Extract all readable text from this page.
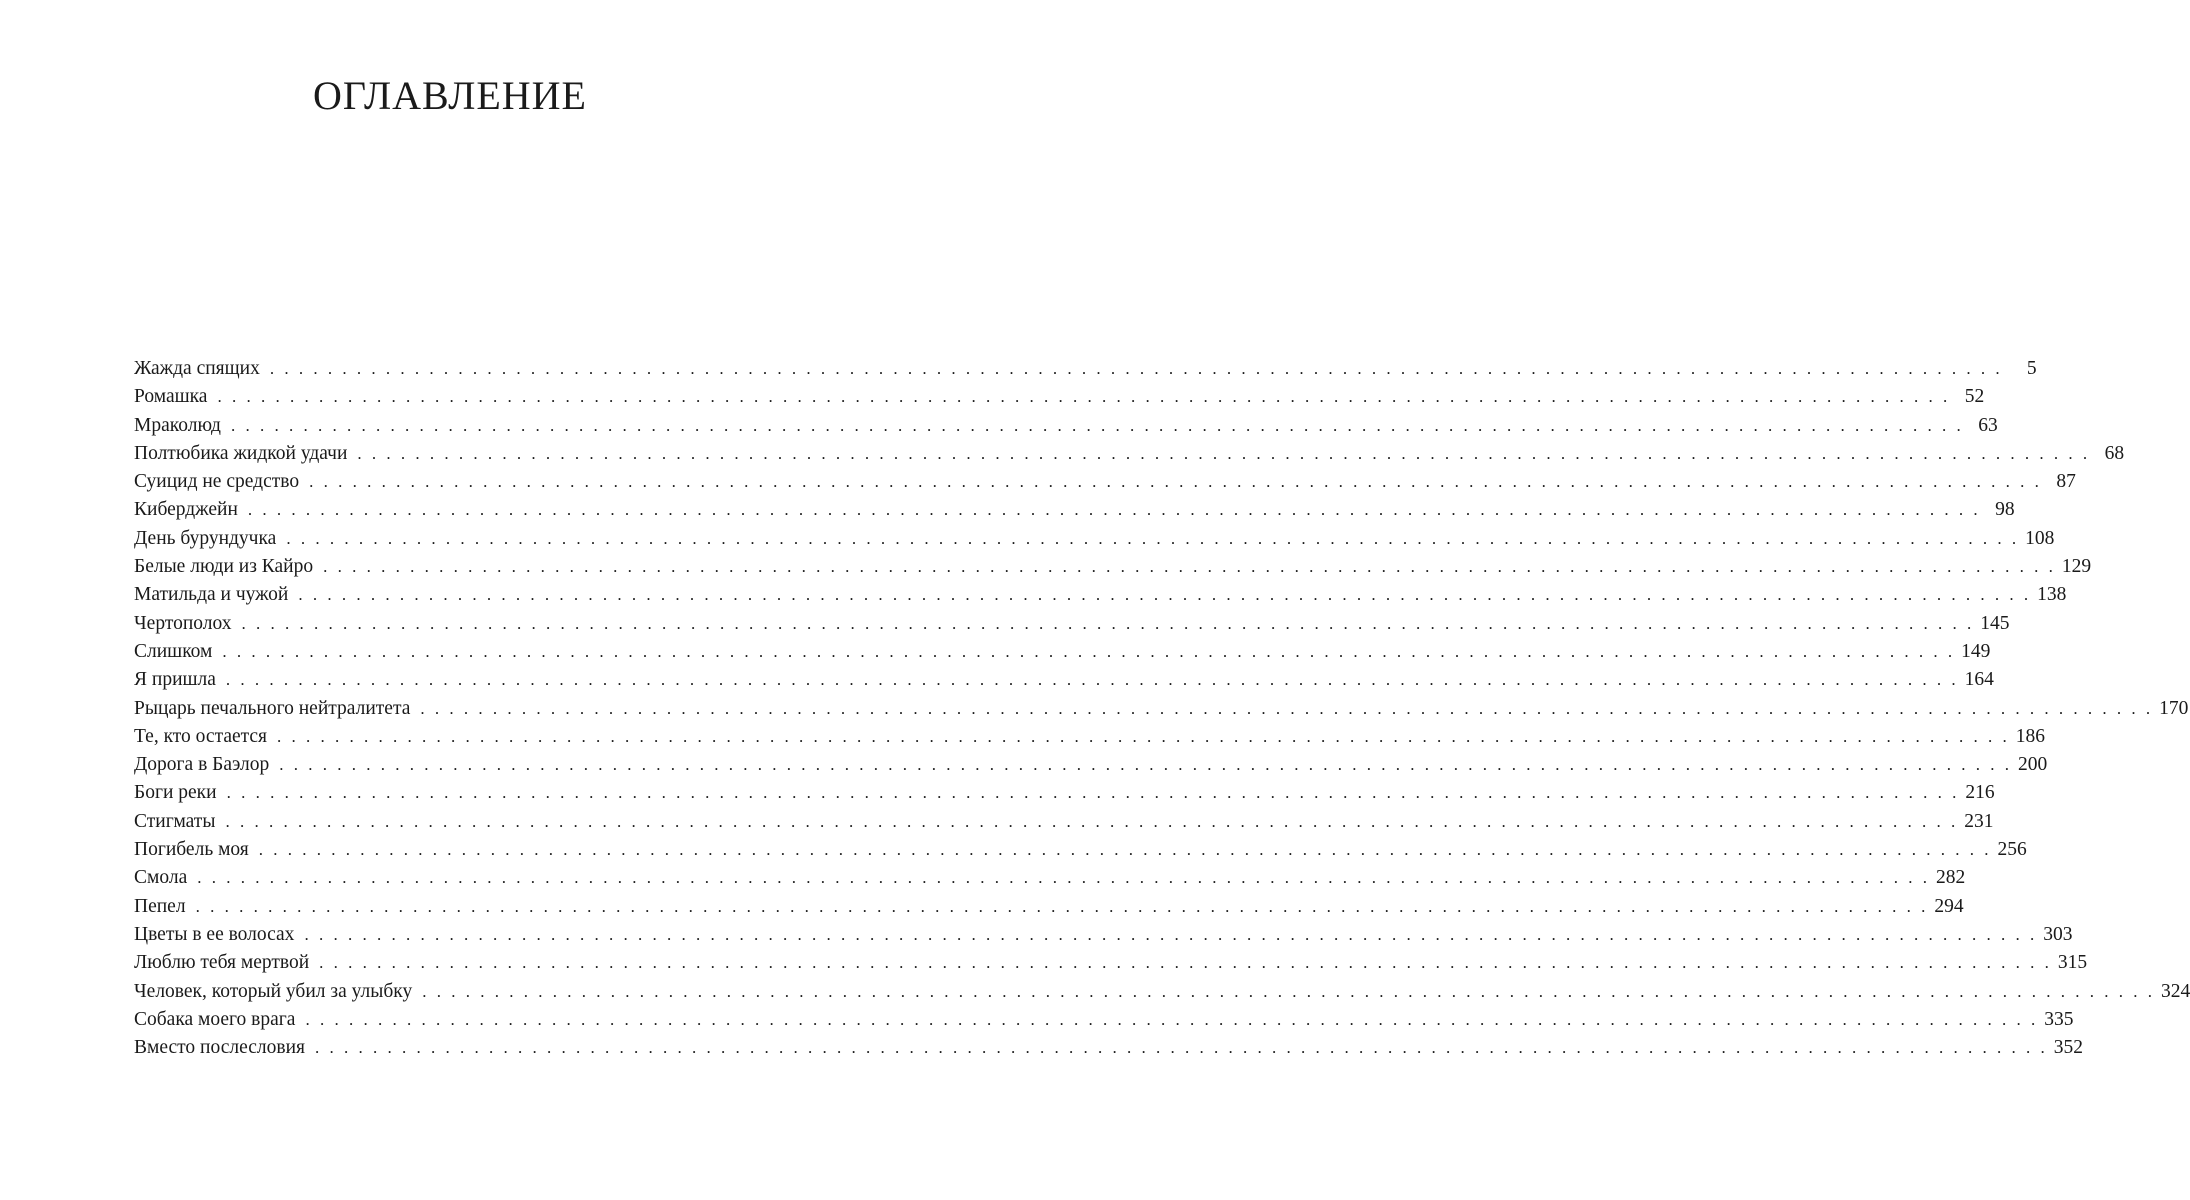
ОГЛАВЛЕНИЕ
Жажда спящих . . . . . . . . . . . . . . . . . . . . . . . . . . . . . . . . . . . . . . . . . . . . . . . . . . . . . . . . . . . . . . . . . . . . . . . . . . . . . . . . . . . . . . . . . . . . . . . . . . . . . . . . . . . . . . . . . . . . . . . .	5
Ромашка . . . . . . . . . . . . . . . . . . . . . . . . . . . . . . . . . . . . . . . . . . . . . . . . . . . . . . . . . . . . . . . . . . . . . . . . . . . . . . . . . . . . . . . . . . . . . . . . . . . . . . . . . . . . . . . . . . . . . . . . 52
Мраколюд . . . . . . . . . . . . . . . . . . . . . . . . . . . . . . . . . . . . . . . . . . . . . . . . . . . . . . . . . . . . . . . . . . . . . . . . . . . . . . . . . . . . . . . . . . . . . . . . . . . . . . . . . . . . . . . . . . . . . . . . 63
Полтюбика жидкой удачи . . . . . . . . . . . . . . . . . . . . . . . . . . . . . . . . . . . . . . . . . . . . . . . . . . . . . . . . . . . . . . . . . . . . . . . . . . . . . . . . . . . . . . . . . . . . . . . . . . . . . . . . . . . . . . . . . . . . . . . . 68
Суицид не средство . . . . . . . . . . . . . . . . . . . . . . . . . . . . . . . . . . . . . . . . . . . . . . . . . . . . . . . . . . . . . . . . . . . . . . . . . . . . . . . . . . . . . . . . . . . . . . . . . . . . . . . . . . . . . . . . . . . . . . . . 87
Киберджейн . . . . . . . . . . . . . . . . . . . . . . . . . . . . . . . . . . . . . . . . . . . . . . . . . . . . . . . . . . . . . . . . . . . . . . . . . . . . . . . . . . . . . . . . . . . . . . . . . . . . . . . . . . . . . . . . . . . . . . . . 98
День бурундучка . . . . . . . . . . . . . . . . . . . . . . . . . . . . . . . . . . . . . . . . . . . . . . . . . . . . . . . . . . . . . . . . . . . . . . . . . . . . . . . . . . . . . . . . . . . . . . . . . . . . . . . . . . . . . . . . . . . . . . . . 108
Белые люди из Кайро . . . . . . . . . . . . . . . . . . . . . . . . . . . . . . . . . . . . . . . . . . . . . . . . . . . . . . . . . . . . . . . . . . . . . . . . . . . . . . . . . . . . . . . . . . . . . . . . . . . . . . . . . . . . . . . . . . . . . . . . 129
Матильда и чужой . . . . . . . . . . . . . . . . . . . . . . . . . . . . . . . . . . . . . . . . . . . . . . . . . . . . . . . . . . . . . . . . . . . . . . . . . . . . . . . . . . . . . . . . . . . . . . . . . . . . . . . . . . . . . . . . . . . . . . . . 138
Чертополох . . . . . . . . . . . . . . . . . . . . . . . . . . . . . . . . . . . . . . . . . . . . . . . . . . . . . . . . . . . . . . . . . . . . . . . . . . . . . . . . . . . . . . . . . . . . . . . . . . . . . . . . . . . . . . . . . . . . . . . . 145
Слишком . . . . . . . . . . . . . . . . . . . . . . . . . . . . . . . . . . . . . . . . . . . . . . . . . . . . . . . . . . . . . . . . . . . . . . . . . . . . . . . . . . . . . . . . . . . . . . . . . . . . . . . . . . . . . . . . . . . . . . . . 149
Я пришла . . . . . . . . . . . . . . . . . . . . . . . . . . . . . . . . . . . . . . . . . . . . . . . . . . . . . . . . . . . . . . . . . . . . . . . . . . . . . . . . . . . . . . . . . . . . . . . . . . . . . . . . . . . . . . . . . . . . . . . . 164
Рыцарь печального нейтралитета . . . . . . . . . . . . . . . . . . . . . . . . . . . . . . . . . . . . . . . . . . . . . . . . . . . . . . . . . . . . . . . . . . . . . . . . . . . . . . . . . . . . . . . . . . . . . . . . . . . . . . . . . . . . . . . . . . . . . . . . 170
Те, кто остается . . . . . . . . . . . . . . . . . . . . . . . . . . . . . . . . . . . . . . . . . . . . . . . . . . . . . . . . . . . . . . . . . . . . . . . . . . . . . . . . . . . . . . . . . . . . . . . . . . . . . . . . . . . . . . . . . . . . . . . . 186
Дорога в Баэлор . . . . . . . . . . . . . . . . . . . . . . . . . . . . . . . . . . . . . . . . . . . . . . . . . . . . . . . . . . . . . . . . . . . . . . . . . . . . . . . . . . . . . . . . . . . . . . . . . . . . . . . . . . . . . . . . . . . . . . . . 200
Боги реки . . . . . . . . . . . . . . . . . . . . . . . . . . . . . . . . . . . . . . . . . . . . . . . . . . . . . . . . . . . . . . . . . . . . . . . . . . . . . . . . . . . . . . . . . . . . . . . . . . . . . . . . . . . . . . . . . . . . . . . . 216
Стигматы . . . . . . . . . . . . . . . . . . . . . . . . . . . . . . . . . . . . . . . . . . . . . . . . . . . . . . . . . . . . . . . . . . . . . . . . . . . . . . . . . . . . . . . . . . . . . . . . . . . . . . . . . . . . . . . . . . . . . . . . 231
Погибель моя . . . . . . . . . . . . . . . . . . . . . . . . . . . . . . . . . . . . . . . . . . . . . . . . . . . . . . . . . . . . . . . . . . . . . . . . . . . . . . . . . . . . . . . . . . . . . . . . . . . . . . . . . . . . . . . . . . . . . . . . 256
Смола . . . . . . . . . . . . . . . . . . . . . . . . . . . . . . . . . . . . . . . . . . . . . . . . . . . . . . . . . . . . . . . . . . . . . . . . . . . . . . . . . . . . . . . . . . . . . . . . . . . . . . . . . . . . . . . . . . . . . . . . 282
Пепел . . . . . . . . . . . . . . . . . . . . . . . . . . . . . . . . . . . . . . . . . . . . . . . . . . . . . . . . . . . . . . . . . . . . . . . . . . . . . . . . . . . . . . . . . . . . . . . . . . . . . . . . . . . . . . . . . . . . . . . . 294
Цветы в ее волосах . . . . . . . . . . . . . . . . . . . . . . . . . . . . . . . . . . . . . . . . . . . . . . . . . . . . . . . . . . . . . . . . . . . . . . . . . . . . . . . . . . . . . . . . . . . . . . . . . . . . . . . . . . . . . . . . . . . . . . . . 303
Люблю тебя мертвой . . . . . . . . . . . . . . . . . . . . . . . . . . . . . . . . . . . . . . . . . . . . . . . . . . . . . . . . . . . . . . . . . . . . . . . . . . . . . . . . . . . . . . . . . . . . . . . . . . . . . . . . . . . . . . . . . . . . . . . . 315
Человек, который убил за улыбку . . . . . . . . . . . . . . . . . . . . . . . . . . . . . . . . . . . . . . . . . . . . . . . . . . . . . . . . . . . . . . . . . . . . . . . . . . . . . . . . . . . . . . . . . . . . . . . . . . . . . . . . . . . . . . . . . . . . . . . . 324
Собака моего врага . . . . . . . . . . . . . . . . . . . . . . . . . . . . . . . . . . . . . . . . . . . . . . . . . . . . . . . . . . . . . . . . . . . . . . . . . . . . . . . . . . . . . . . . . . . . . . . . . . . . . . . . . . . . . . . . . . . . . . . . 335
Вместо послесловия . . . . . . . . . . . . . . . . . . . . . . . . . . . . . . . . . . . . . . . . . . . . . . . . . . . . . . . . . . . . . . . . . . . . . . . . . . . . . . . . . . . . . . . . . . . . . . . . . . . . . . . . . . . . . . . . . . . . . . . . 352
